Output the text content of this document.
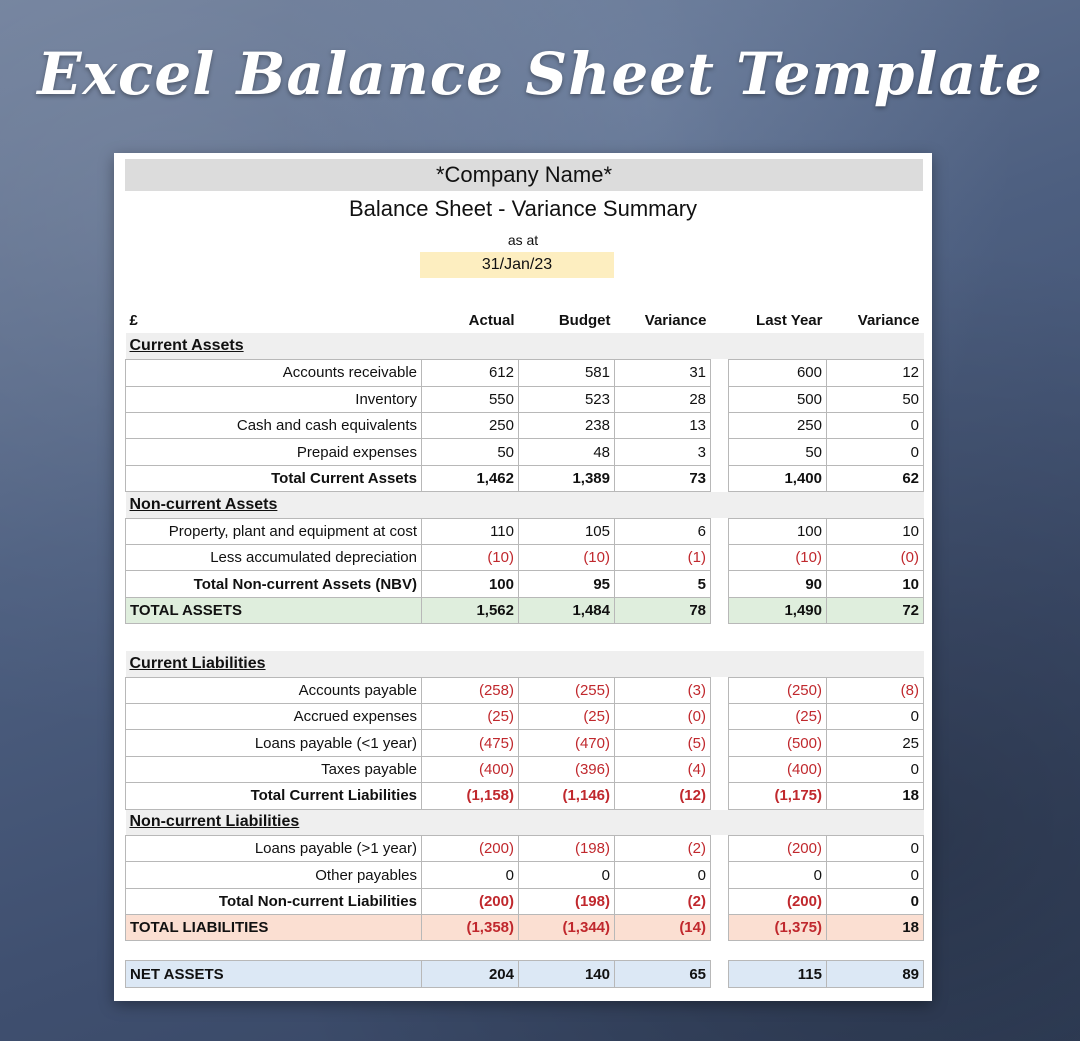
Excel Balance Sheet Template
*Company Name*
Balance Sheet - Variance Summary
as at
31/Jan/23
£	Actual	Budget	Variance		Last Year	Variance
Current Assets						
Accounts receivable	612	581	31		600	12
Inventory	550	523	28		500	50
Cash and cash equivalents	250	238	13		250	0
Prepaid expenses	50	48	3		50	0
Total Current Assets	1,462	1,389	73		1,400	62
Non-current Assets						
Property, plant and equipment at cost	110	105	6		100	10
Less accumulated depreciation	(10)	(10)	(1)		(10)	(0)
Total Non-current Assets (NBV)	100	95	5		90	10
TOTAL ASSETS	1,562	1,484	78		1,490	72

Current Liabilities						
Accounts payable	(258)	(255)	(3)		(250)	(8)
Accrued expenses	(25)	(25)	(0)		(25)	0
Loans payable (<1 year)	(475)	(470)	(5)		(500)	25
Taxes payable	(400)	(396)	(4)		(400)	0
Total Current Liabilities	(1,158)	(1,146)	(12)		(1,175)	18
Non-current Liabilities						
Loans payable (>1 year)	(200)	(198)	(2)		(200)	0
Other payables	0	0	0		0	0
Total Non-current Liabilities	(200)	(198)	(2)		(200)	0
TOTAL LIABILITIES	(1,358)	(1,344)	(14)		(1,375)	18

NET ASSETS	204	140	65		115	89
